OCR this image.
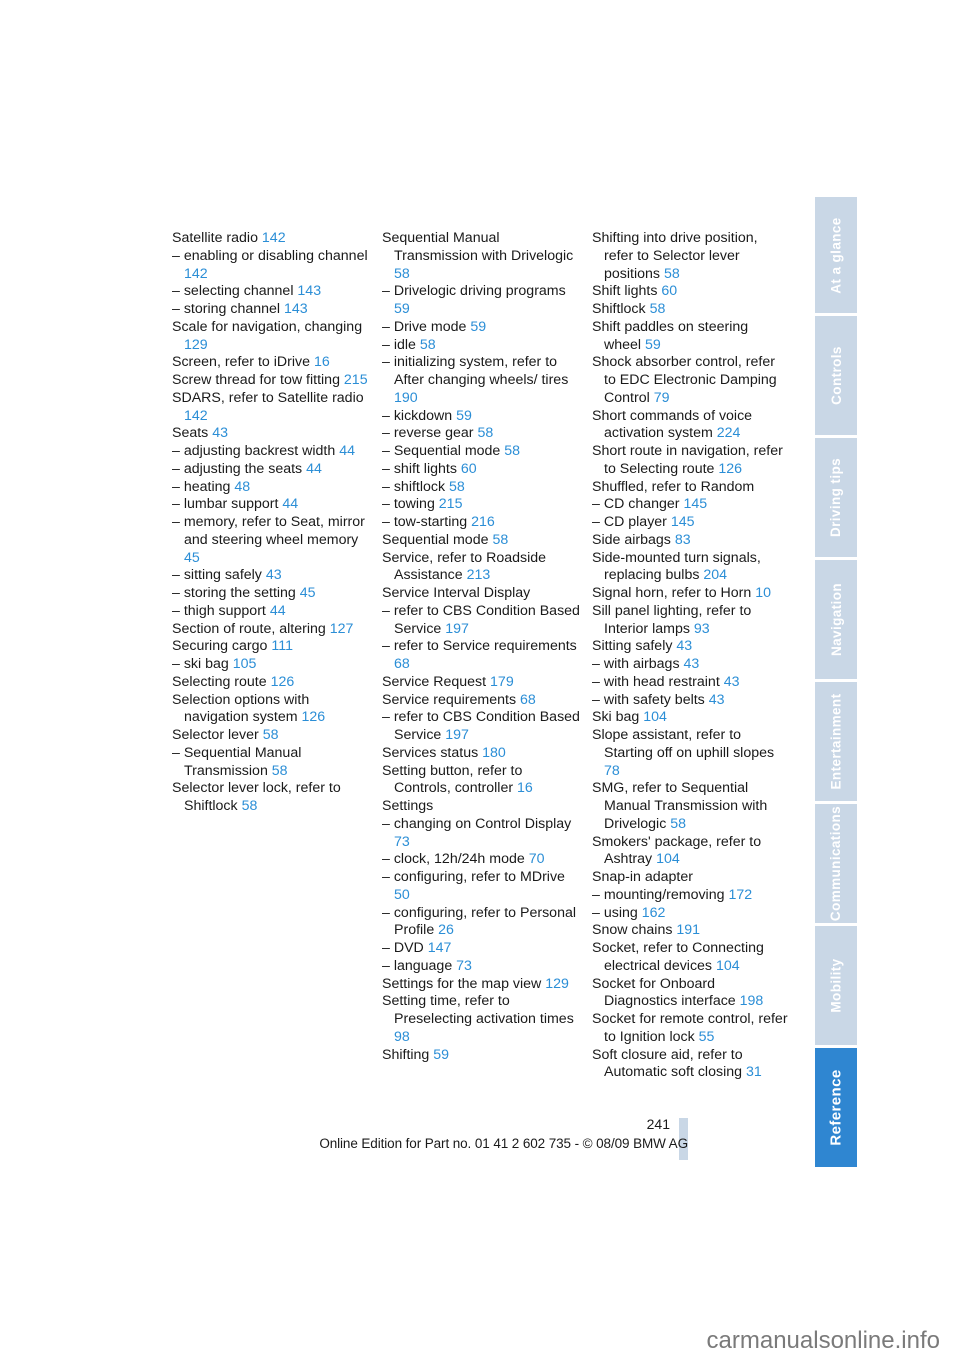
Satellite radio 142

– enabling or disabling channel 142

– selecting channel 143

– storing channel 143

Scale for navigation, changing 129

Screen, refer to iDrive 16

Screw thread for tow fitting 215

SDARS, refer to Satellite radio 142

Seats 43

– adjusting backrest width 44

– adjusting the seats 44

– heating 48

– lumbar support 44

– memory, refer to Seat, mirror and steering wheel memory 45

– sitting safely 43

– storing the setting 45

– thigh support 44

Section of route, altering 127

Securing cargo 111

– ski bag 105

Selecting route 126

Selection options with navigation system 126

Selector lever 58

– Sequential Manual Transmission 58

Selector lever lock, refer to Shiftlock 58

Sequential Manual Transmission with Drivelogic 58

– Drivelogic driving programs 59

– Drive mode 59

– idle 58

– initializing system, refer to After changing wheels/ tires 190

– kickdown 59

– reverse gear 58

– Sequential mode 58

– shift lights 60

– shiftlock 58

– towing 215

– tow-starting 216

Sequential mode 58

Service, refer to Roadside Assistance 213

Service Interval Display

– refer to CBS Condition Based Service 197

– refer to Service requirements 68

Service Request 179

Service requirements 68

– refer to CBS Condition Based Service 197

Services status 180

Setting button, refer to Controls, controller 16

Settings

– changing on Control Display 73

– clock, 12h/24h mode 70

– configuring, refer to MDrive 50

– configuring, refer to Personal Profile 26

– DVD 147

– language 73

Settings for the map view 129

Setting time, refer to Preselecting activation times 98

Shifting 59

Shifting into drive position, refer to Selector lever positions 58

Shift lights 60

Shiftlock 58

Shift paddles on steering wheel 59

Shock absorber control, refer to EDC Electronic Damping Control 79

Short commands of voice activation system 224

Short route in navigation, refer to Selecting route 126

Shuffled, refer to Random

– CD changer 145

– CD player 145

Side airbags 83

Side-mounted turn signals, replacing bulbs 204

Signal horn, refer to Horn 10

Sill panel lighting, refer to Interior lamps 93

Sitting safely 43

– with airbags 43

– with head restraint 43

– with safety belts 43

Ski bag 104

Slope assistant, refer to Starting off on uphill slopes 78

SMG, refer to Sequential Manual Transmission with Drivelogic 58

Smokers' package, refer to Ashtray 104

Snap-in adapter

– mounting/removing 172

– using 162

Snow chains 191

Socket, refer to Connecting electrical devices 104

Socket for Onboard Diagnostics interface 198

Socket for remote control, refer to Ignition lock 55

Soft closure aid, refer to Automatic soft closing 31

At a glance
Controls
Driving tips
Navigation
Entertainment
Communications
Mobility
Reference
241
Online Edition for Part no. 01 41 2 602 735 - © 08/09 BMW AG
carmanualsonline.info
